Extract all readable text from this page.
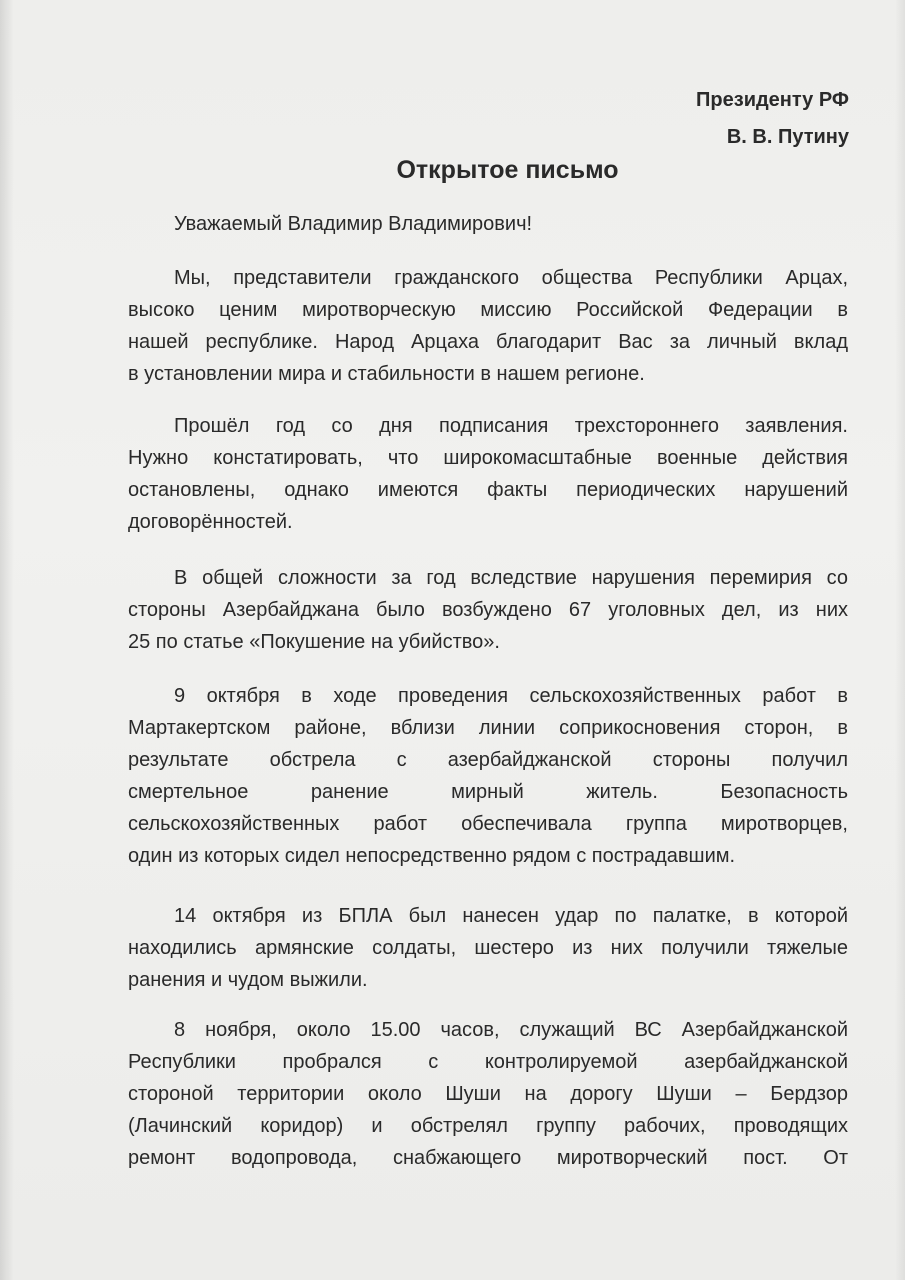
Президенту РФ
В. В. Путину
Открытое письмо
Уважаемый Владимир Владимирович!
Мы, представители гражданского общества Республики Арцах,
высоко ценим миротворческую миссию Российской Федерации в
нашей республике. Народ Арцаха благодарит Вас за личный вклад
в установлении мира и стабильности в нашем регионе.
Прошёл год со дня подписания трехстороннего заявления.
Нужно констатировать, что широкомасштабные военные действия
остановлены, однако имеются факты периодических нарушений
договорённостей.
В общей сложности за год вследствие нарушения перемирия со
стороны Азербайджана было возбуждено 67 уголовных дел, из них
25 по статье «Покушение на убийство».
9 октября в ходе проведения сельскохозяйственных работ в
Мартакертском районе, вблизи линии соприкосновения сторон, в
результате обстрела с азербайджанской стороны получил
смертельное ранение мирный житель. Безопасность
сельскохозяйственных работ обеспечивала группа миротворцев,
один из которых сидел непосредственно рядом с пострадавшим.
14 октября из БПЛА был нанесен удар по палатке, в которой
находились армянские солдаты, шестеро из них получили тяжелые
ранения и чудом выжили.
8 ноября, около 15.00 часов, служащий ВС Азербайджанской
Республики пробрался с контролируемой азербайджанской
стороной территории около Шуши на дорогу Шуши – Бердзор
(Лачинский коридор) и обстрелял группу рабочих, проводящих
ремонт водопровода, снабжающего миротворческий пост. От
